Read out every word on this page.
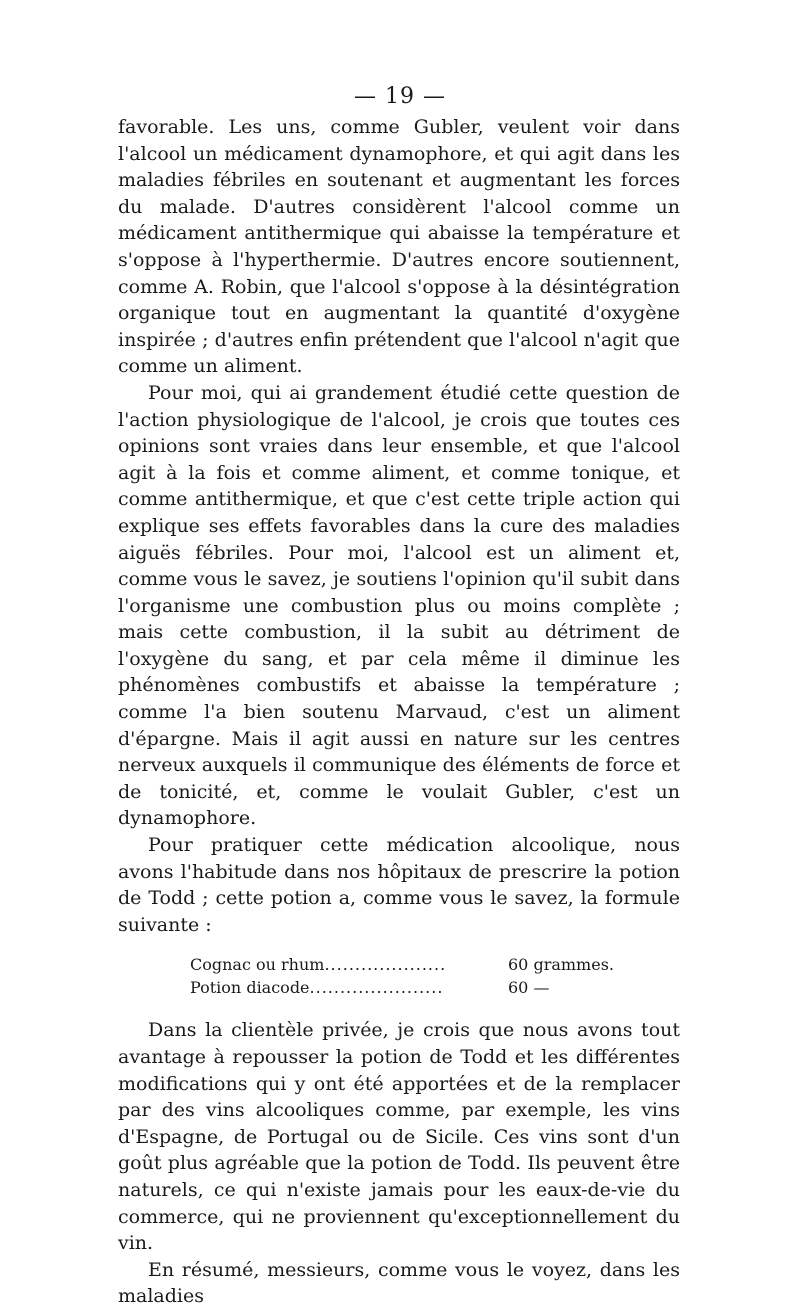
— 19 —

favorable. Les uns, comme Gubler, veulent voir dans l'alcool un médicament dynamophore, et qui agit dans les maladies fébriles en soutenant et augmentant les forces du malade. D'autres considèrent l'alcool comme un médicament antithermique qui abaisse la température et s'oppose à l'hyperthermie. D'autres encore soutiennent, comme A. Robin, que l'alcool s'oppose à la désintégration organique tout en augmentant la quantité d'oxygène inspirée ; d'autres enfin prétendent que l'alcool n'agit que comme un aliment.

Pour moi, qui ai grandement étudié cette question de l'action physiologique de l'alcool, je crois que toutes ces opinions sont vraies dans leur ensemble, et que l'alcool agit à la fois et comme aliment, et comme tonique, et comme antithermique, et que c'est cette triple action qui explique ses effets favorables dans la cure des maladies aiguës fébriles. Pour moi, l'alcool est un aliment et, comme vous le savez, je soutiens l'opinion qu'il subit dans l'organisme une combustion plus ou moins complète ; mais cette combustion, il la subit au détriment de l'oxygène du sang, et par cela même il diminue les phénomènes combustifs et abaisse la température ; comme l'a bien soutenu Marvaud, c'est un aliment d'épargne. Mais il agit aussi en nature sur les centres nerveux auxquels il communique des éléments de force et de tonicité, et, comme le voulait Gubler, c'est un dynamophore.

Pour pratiquer cette médication alcoolique, nous avons l'habitude dans nos hôpitaux de prescrire la potion de Todd ; cette potion a, comme vous le savez, la formule suivante :

Cognac ou rhum....................	60 grammes.
Potion diacode......................	60 —

Dans la clientèle privée, je crois que nous avons tout avantage à repousser la potion de Todd et les différentes modifications qui y ont été apportées et de la remplacer par des vins alcooliques comme, par exemple, les vins d'Espagne, de Portugal ou de Sicile. Ces vins sont d'un goût plus agréable que la potion de Todd. Ils peuvent être naturels, ce qui n'existe jamais pour les eaux-de-vie du commerce, qui ne proviennent qu'exceptionnellement du vin.

En résumé, messieurs, comme vous le voyez, dans les maladies
